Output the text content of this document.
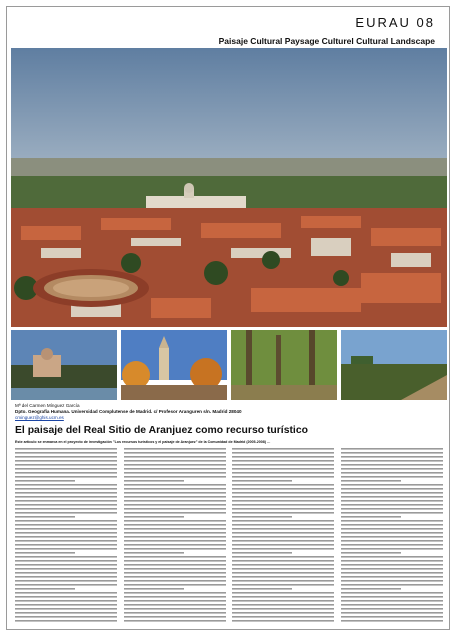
EURAU 08
Paisaje Cultural Paysage Culturel Cultural Landscape
Mª del Carmen Mínguez García
Dpto. Geografía Humana. Universidad Complutense de Madrid. c/ Profesor Aranguren s/n. Madrid 28040
cminguez@ghis.ucm.es
El paisaje del Real Sitio de Aranjuez como recurso turístico
Este artículo se enmarca en el proyecto de investigación "Los recursos turísticos y el paisaje de Aranjuez" de la Comunidad de Madrid (2005-2008) …
